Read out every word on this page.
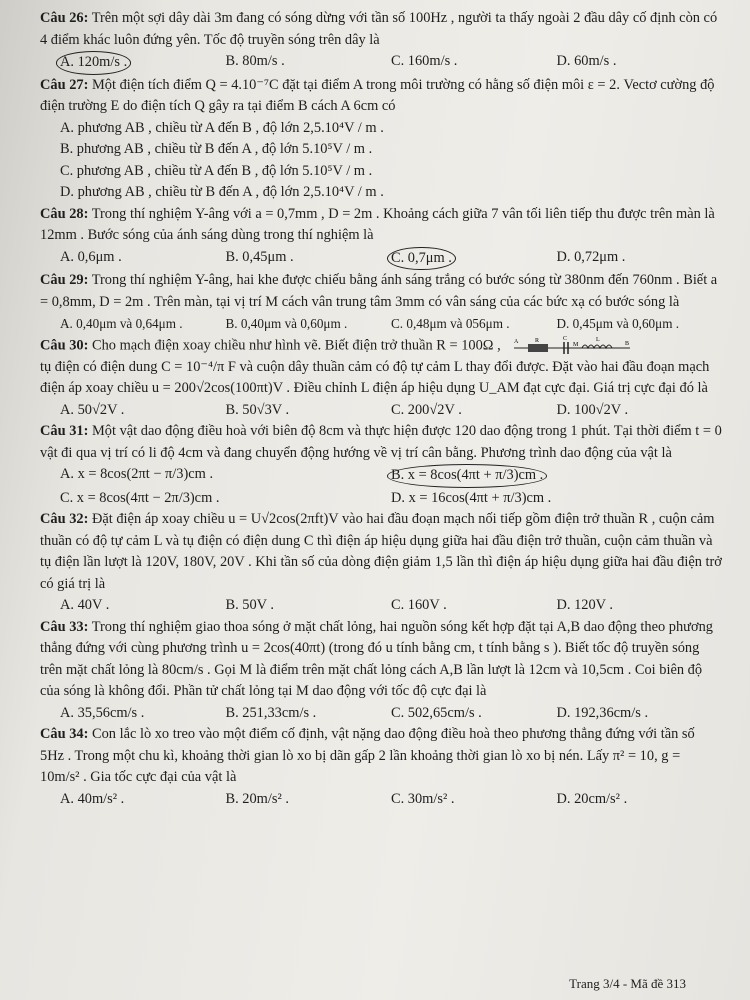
Câu 26: Trên một sợi dây dài 3m đang có sóng dừng với tần số 100Hz , người ta thấy ngoài 2 đầu dây cố định còn có 4 điểm khác luôn đứng yên. Tốc độ truyền sóng trên dây là

A. 120m/s .	B. 80m/s .	C. 160m/s .	D. 60m/s .

Câu 27: Một điện tích điểm Q = 4.10⁻⁷C đặt tại điểm A trong môi trường có hằng số điện môi ε = 2. Vectơ cường độ điện trường E do điện tích Q gây ra tại điểm B cách A 6cm có

A. phương AB , chiều từ A đến B , độ lớn 2,5.10⁴V / m .
B. phương AB , chiều từ B đến A , độ lớn 5.10⁵V / m .
C. phương AB , chiều từ A đến B , độ lớn 5.10⁵V / m .
D. phương AB , chiều từ B đến A , độ lớn 2,5.10⁴V / m .

Câu 28: Trong thí nghiệm Y-âng với a = 0,7mm , D = 2m . Khoảng cách giữa 7 vân tối liên tiếp thu được trên màn là 12mm . Bước sóng của ánh sáng dùng trong thí nghiệm là

A. 0,6μm .	B. 0,45μm .	C. 0,7μm .	D. 0,72μm .

Câu 29: Trong thí nghiệm Y-âng, hai khe được chiếu bằng ánh sáng trắng có bước sóng từ 380nm đến 760nm . Biết a = 0,8mm, D = 2m . Trên màn, tại vị trí M cách vân trung tâm 3mm có vân sáng của các bức xạ có bước sóng là

A. 0,40μm và 0,64μm .	B. 0,40μm và 0,60μm .	C. 0,48μm và 056μm .	D. 0,45μm và 0,60μm .

Câu 30: Cho mạch điện xoay chiều như hình vẽ. Biết điện trở thuần R = 100Ω , A	R	C
M
L
B

tụ điện có điện dung C = 10⁻⁴/π F và cuộn dây thuần cảm có độ tự cảm L thay đổi được. Đặt vào hai đầu đoạn mạch điện áp xoay chiều u = 200√2cos(100πt)V . Điều chỉnh L điện áp hiệu dụng U_AM đạt cực đại. Giá trị cực đại đó là

A. 50√2V .	B. 50√3V .	C. 200√2V .	D. 100√2V .

Câu 31: Một vật dao động điều hoà với biên độ 8cm và thực hiện được 120 dao động trong 1 phút. Tại thời điểm t = 0 vật đi qua vị trí có li độ 4cm và đang chuyển động hướng về vị trí cân bằng. Phương trình dao động của vật là

A. x = 8cos(2πt − π/3)cm .	B. x = 8cos(4πt + π/3)cm .
C. x = 8cos(4πt − 2π/3)cm .	D. x = 16cos(4πt + π/3)cm .

Câu 32: Đặt điện áp xoay chiều u = U√2cos(2πft)V vào hai đầu đoạn mạch nối tiếp gồm điện trở thuần R , cuộn cảm thuần có độ tự cảm L và tụ điện có điện dung C thì điện áp hiệu dụng giữa hai đầu điện trở thuần, cuộn cảm thuần và tụ điện lần lượt là 120V, 180V, 20V . Khi tần số của dòng điện giảm 1,5 lần thì điện áp hiệu dụng giữa hai đầu điện trở có giá trị là

A. 40V .	B. 50V .	C. 160V .	D. 120V .

Câu 33: Trong thí nghiệm giao thoa sóng ở mặt chất lỏng, hai nguồn sóng kết hợp đặt tại A,B dao động theo phương thẳng đứng với cùng phương trình u = 2cos(40πt) (trong đó u tính bằng cm, t tính bằng s ). Biết tốc độ truyền sóng trên mặt chất lỏng là 80cm/s . Gọi M là điểm trên mặt chất lỏng cách A,B lần lượt là 12cm và 10,5cm . Coi biên độ của sóng là không đổi. Phần tử chất lỏng tại M dao động với tốc độ cực đại là

A. 35,56cm/s .	B. 251,33cm/s .	C. 502,65cm/s .	D. 192,36cm/s .

Câu 34: Con lắc lò xo treo vào một điểm cố định, vật nặng dao động điều hoà theo phương thẳng đứng với tần số 5Hz . Trong một chu kì, khoảng thời gian lò xo bị dãn gấp 2 lần khoảng thời gian lò xo bị nén. Lấy π² = 10, g = 10m/s² . Gia tốc cực đại của vật là

A. 40m/s² .	B. 20m/s² .	C. 30m/s² .	D. 20cm/s² .
Trang 3/4 - Mã đề 313
